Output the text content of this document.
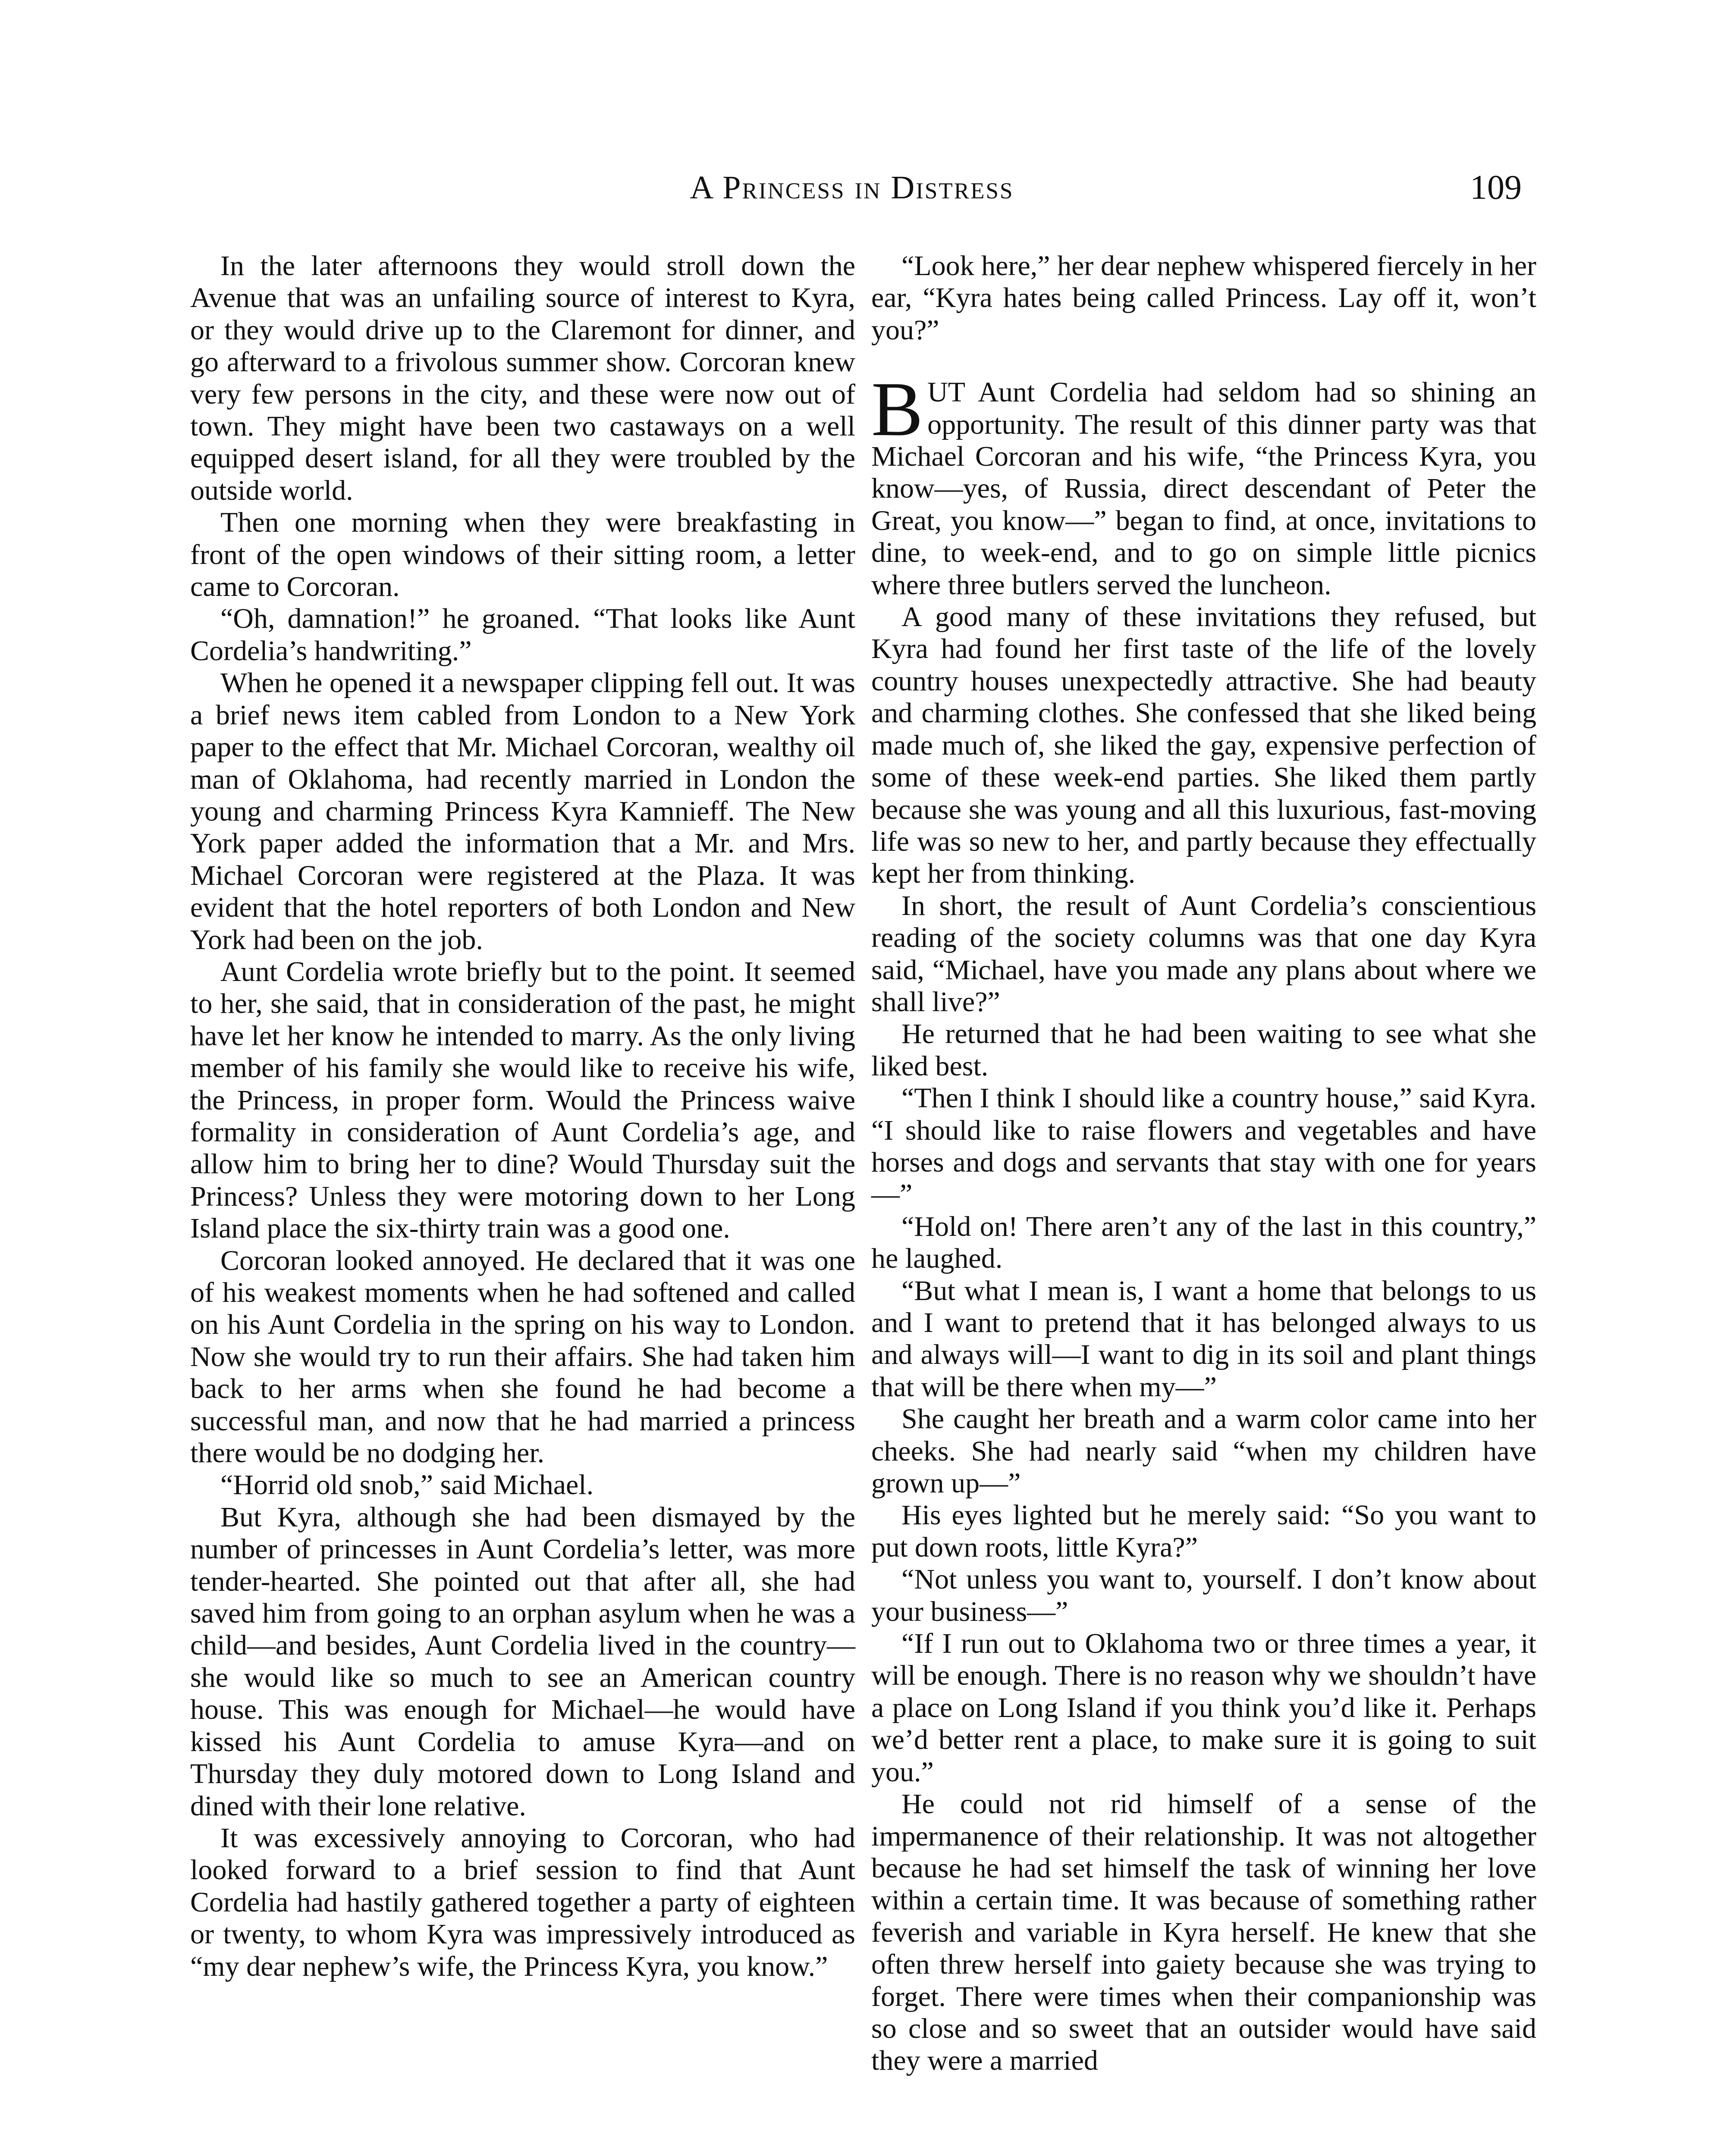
A Princess in Distress	109

In the later afternoons they would stroll down the Avenue that was an unfailing source of interest to Kyra, or they would drive up to the Claremont for dinner, and go afterward to a frivolous summer show. Corcoran knew very few persons in the city, and these were now out of town. They might have been two castaways on a well equipped desert island, for all they were troubled by the outside world.

Then one morning when they were breakfasting in front of the open windows of their sitting room, a letter came to Corcoran.

“Oh, damnation!” he groaned. “That looks like Aunt Cordelia’s handwriting.”

When he opened it a newspaper clipping fell out. It was a brief news item cabled from London to a New York paper to the effect that Mr. Michael Corcoran, wealthy oil man of Oklahoma, had recently married in London the young and charming Princess Kyra Kamnieff. The New York paper added the information that a Mr. and Mrs. Michael Corcoran were registered at the Plaza. It was evident that the hotel reporters of both London and New York had been on the job.

Aunt Cordelia wrote briefly but to the point. It seemed to her, she said, that in consideration of the past, he might have let her know he intended to marry. As the only living member of his family she would like to receive his wife, the Princess, in proper form. Would the Princess waive formality in consideration of Aunt Cordelia’s age, and allow him to bring her to dine? Would Thursday suit the Princess? Unless they were motoring down to her Long Island place the six-thirty train was a good one.

Corcoran looked annoyed. He declared that it was one of his weakest moments when he had softened and called on his Aunt Cordelia in the spring on his way to London. Now she would try to run their affairs. She had taken him back to her arms when she found he had become a successful man, and now that he had married a princess there would be no dodging her.

“Horrid old snob,” said Michael.

But Kyra, although she had been dismayed by the number of princesses in Aunt Cordelia’s letter, was more tender-hearted. She pointed out that after all, she had saved him from going to an orphan asylum when he was a child—and besides, Aunt Cordelia lived in the country—she would like so much to see an American country house. This was enough for Michael—he would have kissed his Aunt Cordelia to amuse Kyra—and on Thursday they duly motored down to Long Island and dined with their lone relative.

It was excessively annoying to Corcoran, who had looked forward to a brief session to find that Aunt Cordelia had hastily gathered together a party of eighteen or twenty, to whom Kyra was impressively introduced as “my dear nephew’s wife, the Princess Kyra, you know.”

“Look here,” her dear nephew whispered fiercely in her ear, “Kyra hates being called Princess. Lay off it, won’t you?”

BUT Aunt Cordelia had seldom had so shining an opportunity. The result of this dinner party was that Michael Corcoran and his wife, “the Princess Kyra, you know—yes, of Russia, direct descendant of Peter the Great, you know—” began to find, at once, invitations to dine, to week-end, and to go on simple little picnics where three butlers served the luncheon.

A good many of these invitations they refused, but Kyra had found her first taste of the life of the lovely country houses unexpectedly attractive. She had beauty and charming clothes. She confessed that she liked being made much of, she liked the gay, expensive perfection of some of these week-end parties. She liked them partly because she was young and all this luxurious, fast-moving life was so new to her, and partly because they effectually kept her from thinking.

In short, the result of Aunt Cordelia’s conscientious reading of the society columns was that one day Kyra said, “Michael, have you made any plans about where we shall live?”

He returned that he had been waiting to see what she liked best.

“Then I think I should like a country house,” said Kyra. “I should like to raise flowers and vegetables and have horses and dogs and servants that stay with one for years—”

“Hold on! There aren’t any of the last in this country,” he laughed.

“But what I mean is, I want a home that belongs to us and I want to pretend that it has belonged always to us and always will—I want to dig in its soil and plant things that will be there when my—”

She caught her breath and a warm color came into her cheeks. She had nearly said “when my children have grown up—”

His eyes lighted but he merely said: “So you want to put down roots, little Kyra?”

“Not unless you want to, yourself. I don’t know about your business—”

“If I run out to Oklahoma two or three times a year, it will be enough. There is no reason why we shouldn’t have a place on Long Island if you think you’d like it. Perhaps we’d better rent a place, to make sure it is going to suit you.”

He could not rid himself of a sense of the impermanence of their relationship. It was not altogether because he had set himself the task of winning her love within a certain time. It was because of something rather feverish and variable in Kyra herself. He knew that she often threw herself into gaiety because she was trying to forget. There were times when their companionship was so close and so sweet that an outsider would have said they were a married
